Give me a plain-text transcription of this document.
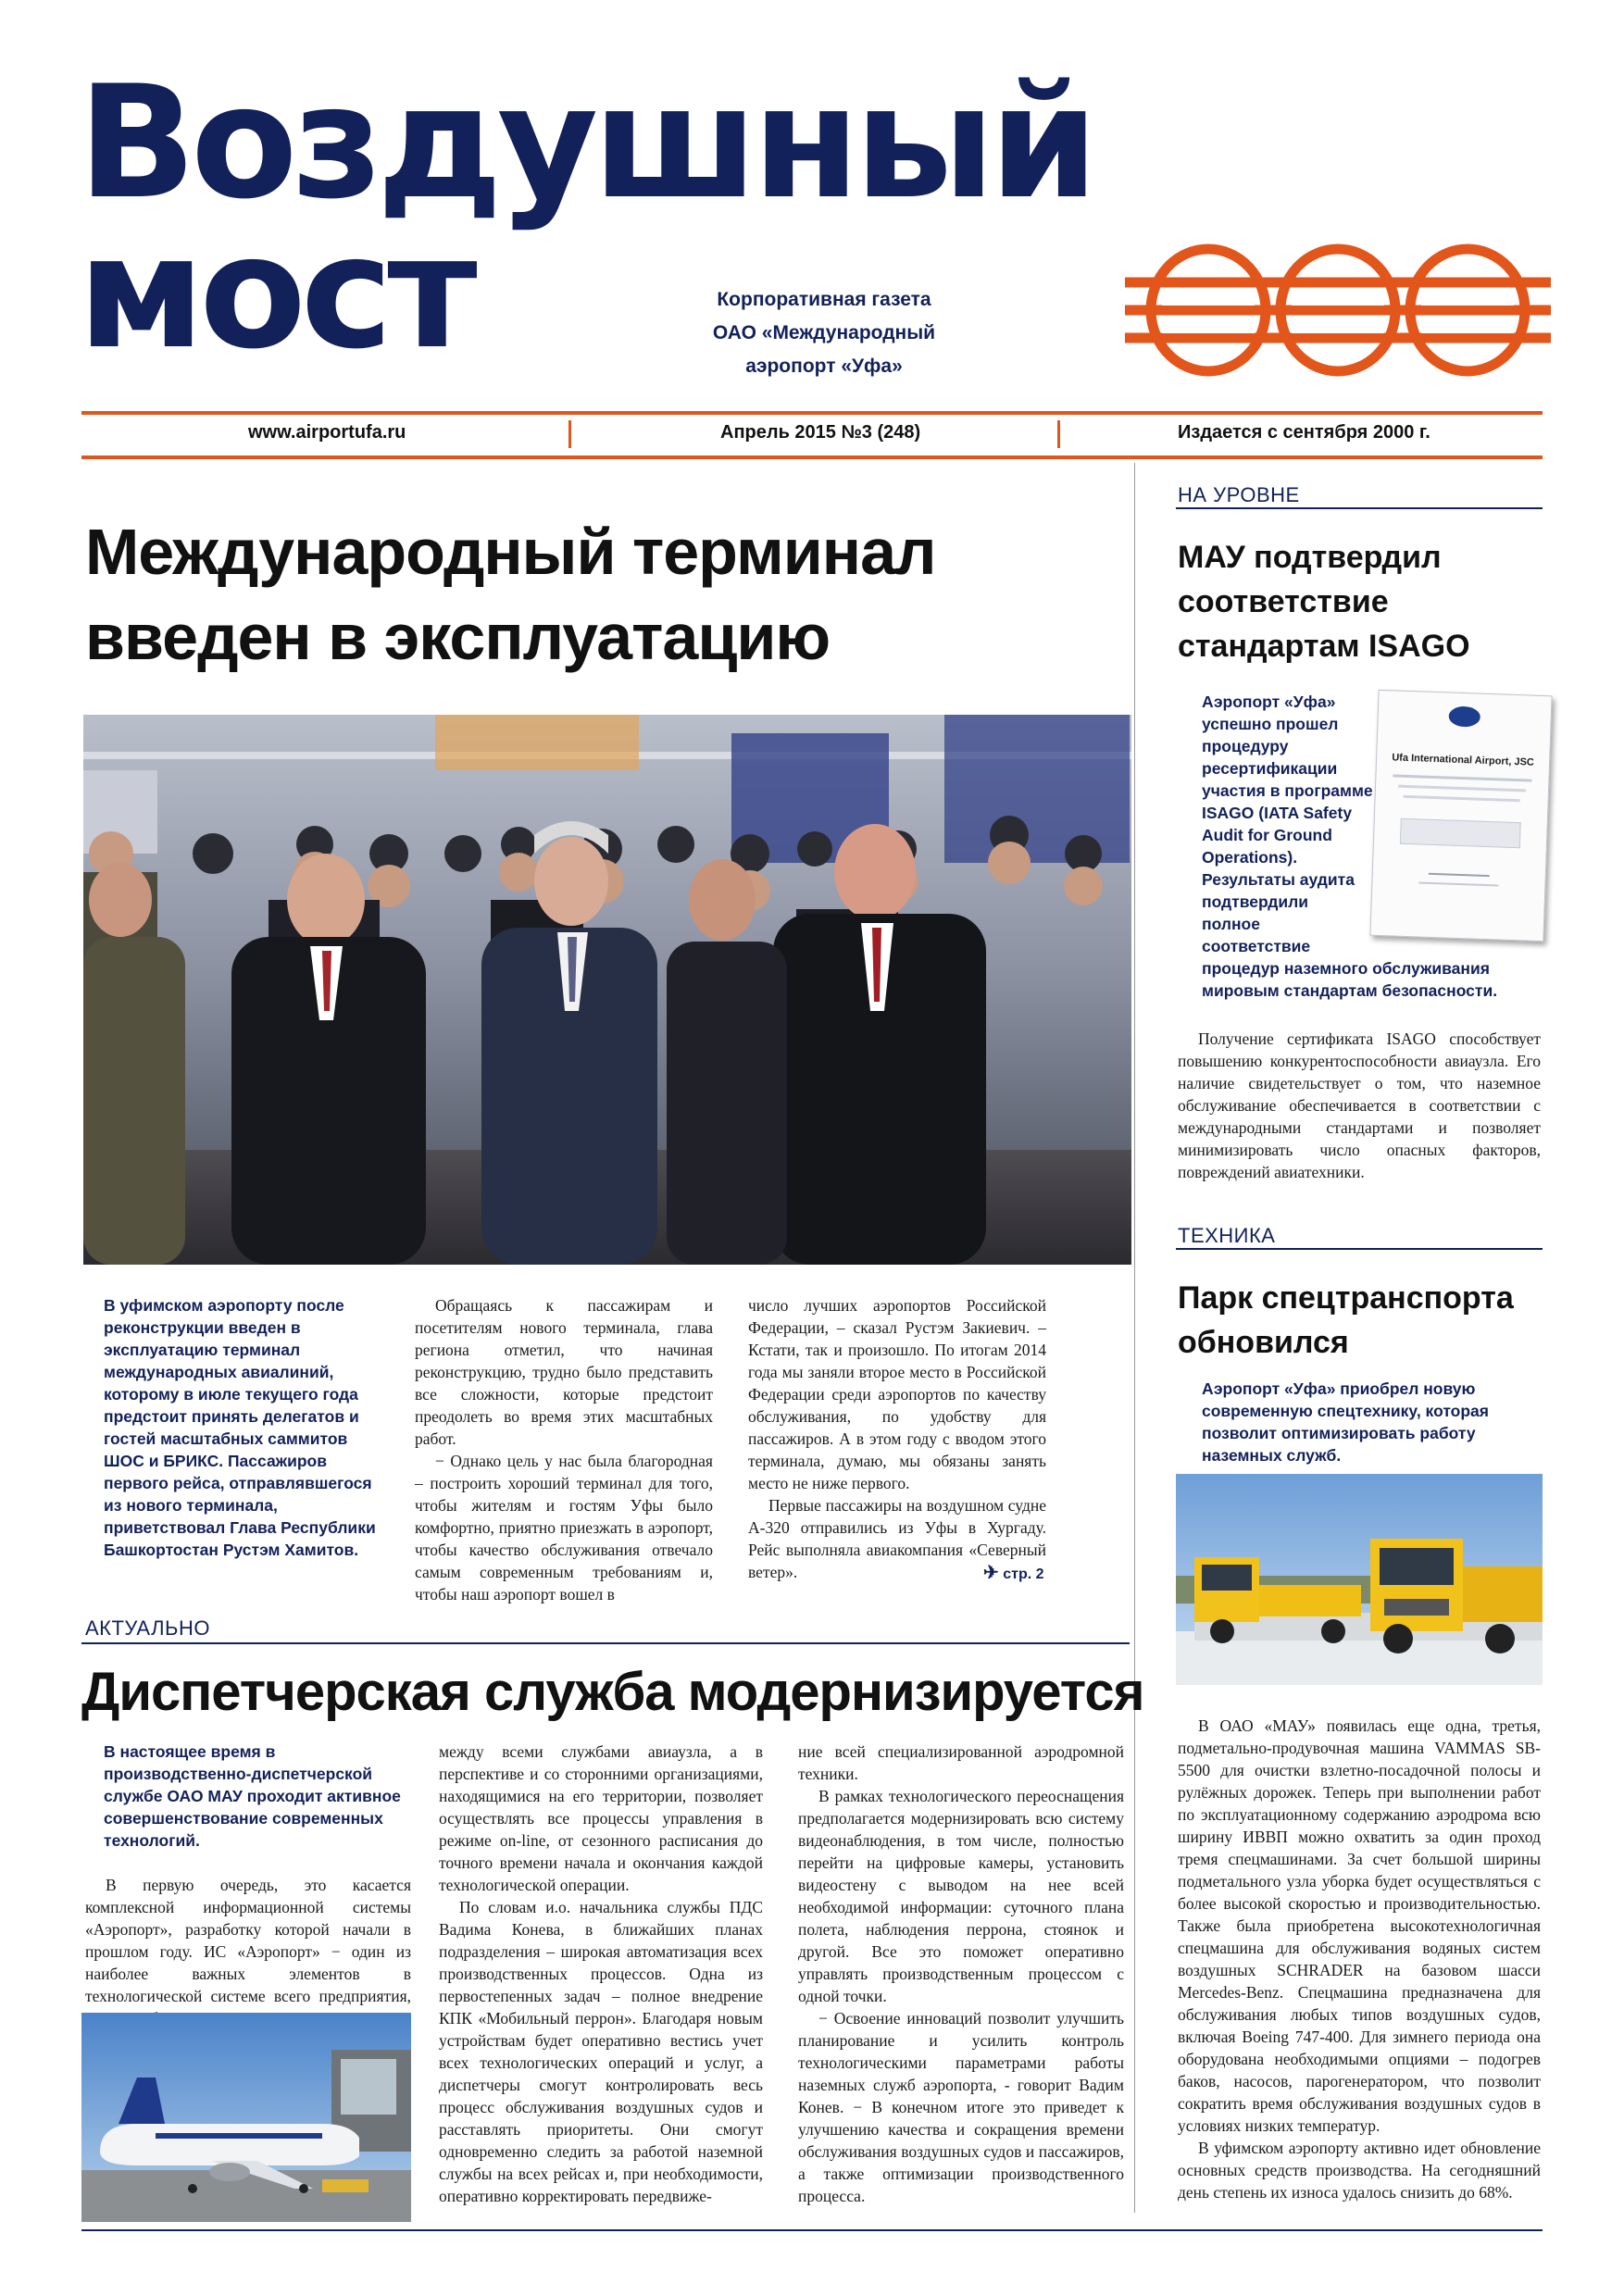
Воздушный
мост	Корпоративная газета
ОАО «Международный
аэропорт «Уфа»
www.airportufa.ru	Апрель 2015 №3 (248)	Издается с сентября 2000 г.
Международный терминал
введен в эксплуатацию
В уфимском аэропорту после реконструкции введен в эксплуатацию терминал международных авиалиний, которому в июле текущего года предстоит принять делегатов и гостей масштабных саммитов ШОС и БРИКС. Пассажиров первого рейса, отправлявшегося из нового терминала, приветствовал Глава Республики Башкортостан Рустэм Хамитов.

Обращаясь к пассажирам и посетителям нового терминала, глава региона отметил, что начиная реконструкцию, трудно было представить все сложности, которые предстоит преодолеть во время этих масштабных работ.

− Однако цель у нас была благородная – построить хороший терминал для того, чтобы жителям и гостям Уфы было комфортно, приятно приезжать в аэропорт, чтобы качество обслуживания отвечало самым современным требованиям и, чтобы наш аэропорт вошел в

число лучших аэропортов Российской Федерации, – сказал Рустэм Закиевич. – Кстати, так и произошло. По итогам 2014 года мы заняли второе место в Российской Федерации среди аэропортов по качеству обслуживания, по удобству для пассажиров. А в этом году с вводом этого терминала, думаю, мы обязаны занять место не ниже первого.

Первые пассажиры на воздушном судне А-320 отправились из Уфы в Хургаду. Рейс выполняла авиакомпания «Северный ветер».	✈ стр. 2
АКТУАЛЬНО
Диспетчерская служба модернизируется
В настоящее время в производственно-диспетчерской службе ОАО МАУ проходит активное совершенствование современных технологий.

В первую очередь, это касается комплексной информационной системы «Аэропорт», разработку которой начали в прошлом году. ИС «Аэропорт» − один из наиболее важных элементов в технологической системе всего предприятия,

между всеми службами авиаузла, а в перспективе и со сторонними организациями, находящимися на его территории, позволяет осуществлять все процессы управления в режиме on-line, от сезонного расписания до точного времени начала и окончания каждой технологической операции.

По словам и.о. начальника службы ПДС Вадима Конева, в ближайших планах подразделения – широкая автоматизация всех производственных процессов. Одна из первостепенных задач – полное внедрение КПК «Мобильный перрон». Благодаря новым устройствам будет оперативно вестись учет всех технологических операций и услуг, а диспетчеры смогут контролировать весь процесс обслуживания воздушных судов и расставлять приоритеты. Они смогут одновременно следить за работой наземной службы на всех рейсах и, при необходимости, оперативно корректировать передвиже-

ние всей специализированной аэродромной техники.

В рамках технологического переоснащения предполагается модернизировать всю систему видеонаблюдения, в том числе, полностью перейти на цифровые камеры, установить видеостену с выводом на нее всей необходимой информации: суточного плана полета, наблюдения перрона, стоянок и другой. Все это поможет оперативно управлять производственным процессом с одной точки.

− Освоение инноваций позволит улучшить планирование и усилить контроль технологическими параметрами работы наземных служб аэропорта, - говорит Вадим Конев. − В конечном итоге это приведет к улучшению качества и сокращения времени обслуживания воздушных судов и пассажиров, а также оптимизации производственного процесса.

НА УРОВНЕ
МАУ подтвердил
соответствие
стандартам ISAGO
Аэропорт «Уфа»
успешно прошел
процедуру
ресертификации
участия в программе
ISAGO (IATA Safety
Audit for Ground
Operations).
Результаты аудита
подтвердили
полное
соответствие
процедур наземного обслуживания
мировым стандартам безопасности.
Ufa International Airport, JSC

Получение сертификата ISAGO способствует повышению конкурентоспособности авиаузла. Его наличие свидетельствует о том, что наземное обслуживание обеспечивается в соответствии с международными стандартами и позволяет минимизировать число опасных факторов, повреждений авиатехники.

ТЕХНИКА
Парк спецтранспорта
обновился
Аэропорт «Уфа» приобрел новую современную спецтехнику, которая позволит оптимизировать работу наземных служб.

В ОАО «МАУ» появилась еще одна, третья, подметально-продувочная машина VAMMAS SB-5500 для очистки взлетно-посадочной полосы и рулёжных дорожек. Теперь при выполнении работ по эксплуатационному содержанию аэродрома всю ширину ИВВП можно охватить за один проход тремя спецмашинами. За счет большой ширины подметального узла уборка будет осуществляться с более высокой скоростью и производительностью. Также была приобретена высокотехнологичная спецмашина для обслуживания водяных систем воздушных SCHRADER на базовом шасси Mercedes-Benz. Спецмашина предназначена для обслуживания любых типов воздушных судов, включая Boeing 747-400. Для зимнего периода она оборудована необходимыми опциями – подогрев баков, насосов, парогенератором, что позволит сократить время обслуживания воздушных судов в условиях низких температур.

В уфимском аэропорту активно идет обновление основных средств производства. На сегодняшний день степень их износа удалось снизить до 68%.
